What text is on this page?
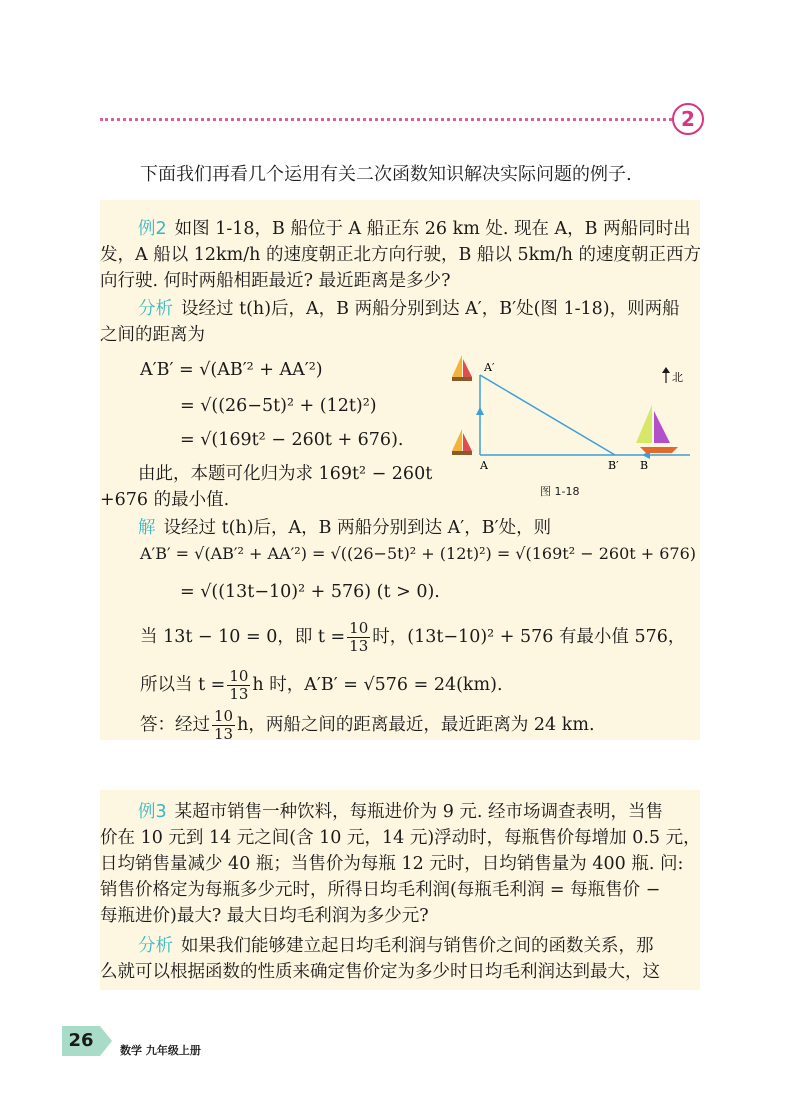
2
下面我们再看几个运用有关二次函数知识解决实际问题的例子.
例2 如图 1-18，B 船位于 A 船正东 26 km 处. 现在 A，B 两船同时出
发，A 船以 12km/h 的速度朝正北方向行驶，B 船以 5km/h 的速度朝正西方
向行驶. 何时两船相距最近? 最近距离是多少?
分析 设经过 t(h)后，A，B 两船分别到达 A′，B′处(图 1-18)，则两船
之间的距离为
A′B′ = √(AB′² + AA′²)
= √((26−5t)² + (12t)²)
= √(169t² − 260t + 676).
由此，本题可化归为求 169t² − 260t
+676 的最小值.
解 设经过 t(h)后，A，B 两船分别到达 A′，B′处，则
A′B′ = √(AB′² + AA′²) = √((26−5t)² + (12t)²) = √(169t² − 260t + 676)
= √((13t−10)² + 576) (t > 0).
当 13t − 10 = 0，即 $t = \frac{10}{13}$ 时，(13t−10)² + 576 有最小值 576，
所以当 $t = \frac{10}{13}$ h 时，A′B′ = √576 = 24(km).
答：经过 $\frac{10}{13}$ h，两船之间的距离最近，最近距离为 24 km.
A
A′
B′ B
北
图 1-18
例3 某超市销售一种饮料，每瓶进价为 9 元. 经市场调查表明，当售
价在 10 元到 14 元之间(含 10 元，14 元)浮动时，每瓶售价每增加 0.5 元，
日均销售量减少 40 瓶；当售价为每瓶 12 元时，日均销售量为 400 瓶. 问:
销售价格定为每瓶多少元时，所得日均毛利润(每瓶毛利润 = 每瓶售价 −
每瓶进价)最大? 最大日均毛利润为多少元?
分析 如果我们能够建立起日均毛利润与销售价之间的函数关系，那
么就可以根据函数的性质来确定售价定为多少时日均毛利润达到最大，这
26	数学 九年级上册
